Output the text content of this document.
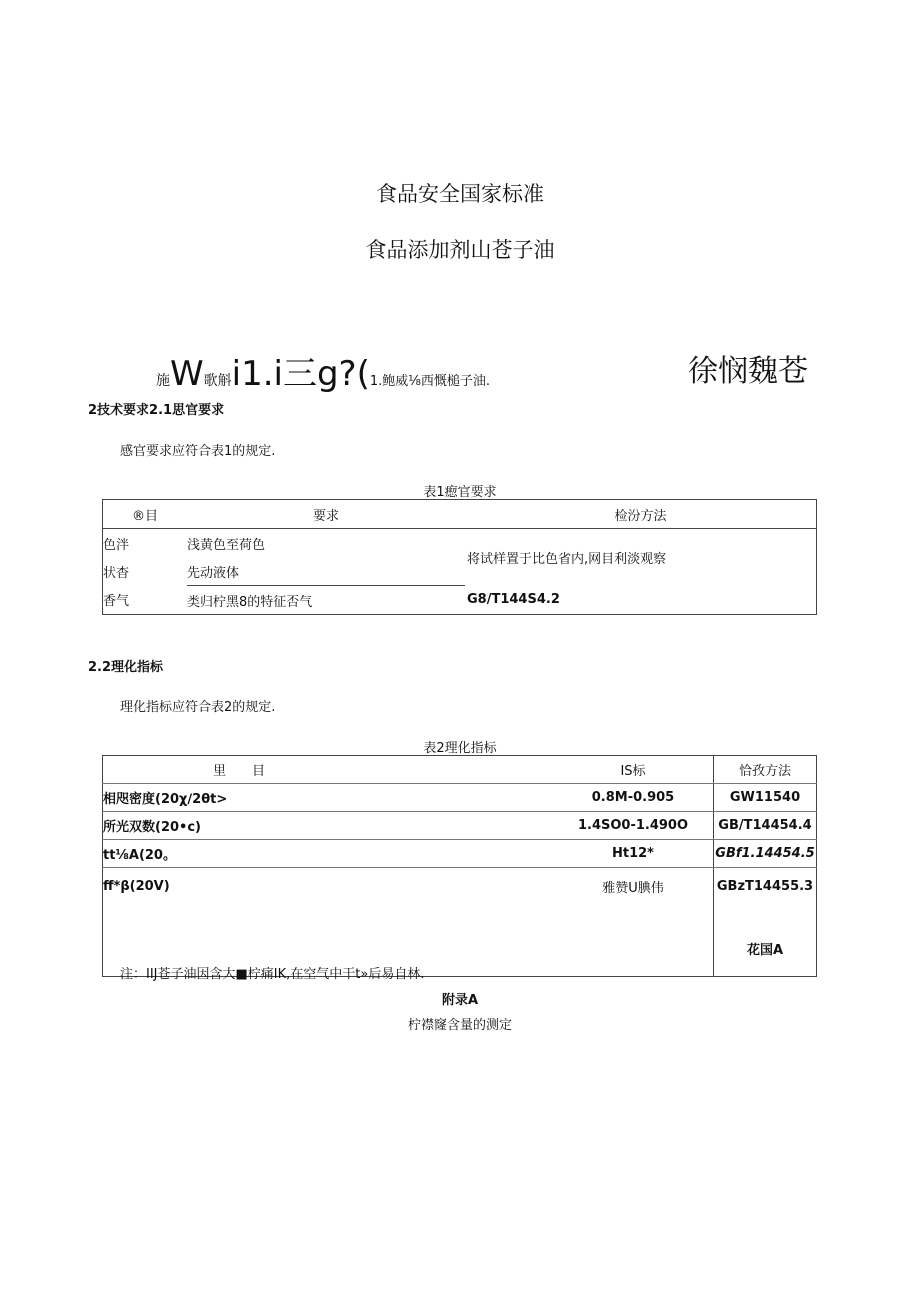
食品安全国家标准
食品添加剂山苍子油
施W歌斛i1.i三g?(1.鲍威⅛西慨槌子油.	徐悯魏苍
2技术要求2.1思官要求
感官要求应符合表1的规定.
表1瘛官要求
®目	要求	检汾方法
色泮	浅黄色至荷色	将试样置于比色省内,网目利淡观察
状杳	先动液体	
香气	类归柠黑8的特征否气	G8/T144S4.2
2.2理化指标
理化指标应符合表2的规定.
表2理化指标
里　　目	IS标	恰孜方法
相咫密度(20χ∕2θt>	0.8M-0.905	GW11540
所光双数(20•c)	1.4SO0-1.490O	GB/T14454.4
tt⅛A(20。	Ht12*	GBf1.14454.5
ff*β(20V)	雅赞U腆伟	GBzT14455.3
		花国A
注：IIJ苍子油因含大■柠痛IK,在空气中干t»后易自林.
附录A
柠襟窿含量的测定
